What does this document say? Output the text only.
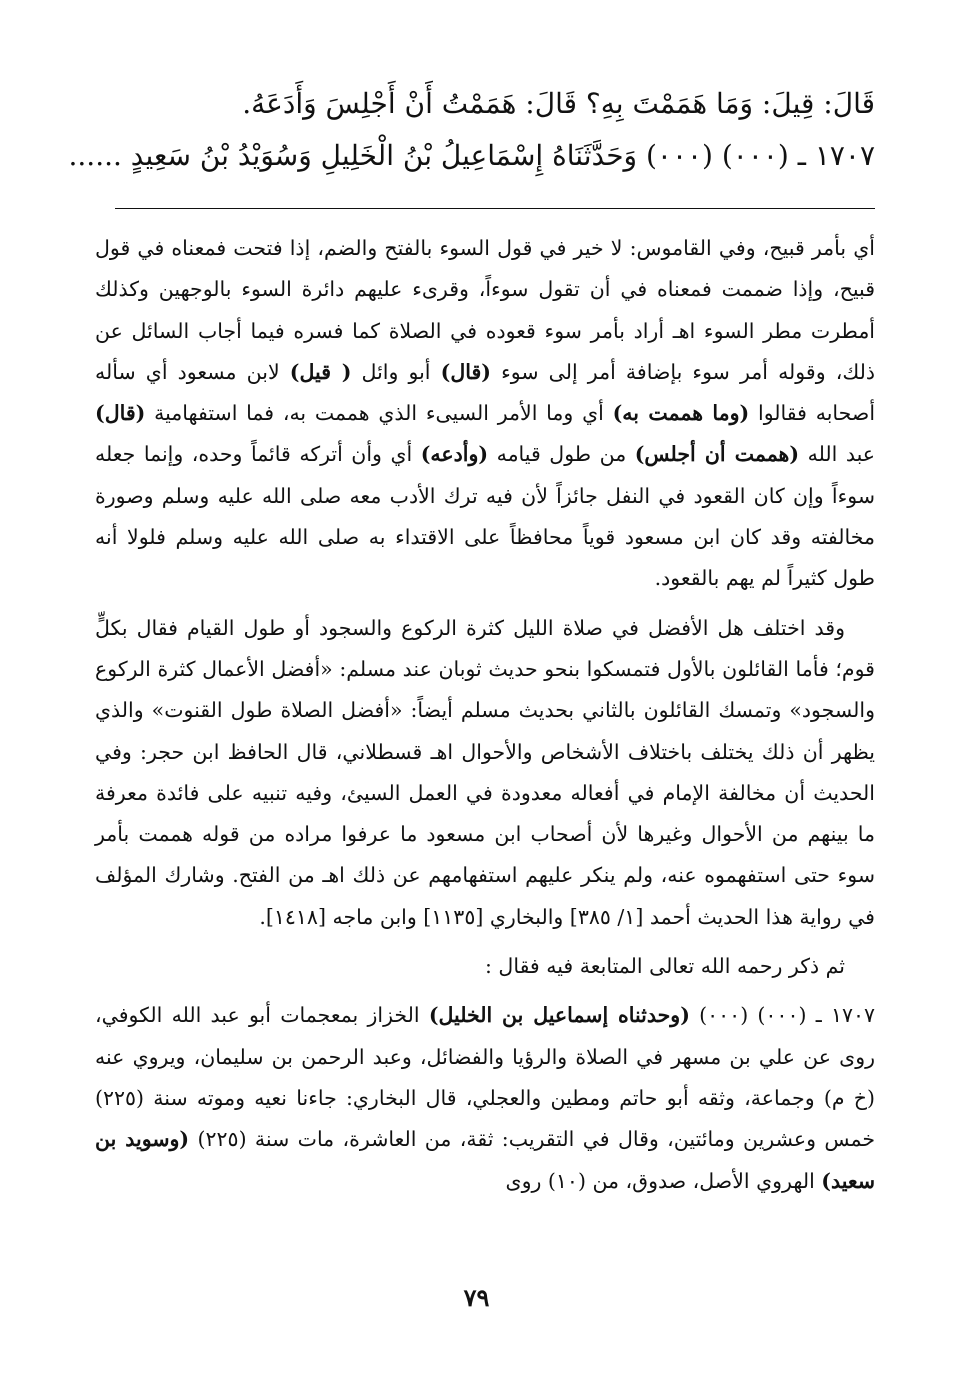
قَالَ: قِيلَ: وَمَا هَمَمْتَ بِهِ؟ قَالَ: هَمَمْتُ أَنْ أَجْلِسَ وَأَدَعَهُ.
١٧٠٧ ـ (٠٠٠) (٠٠٠) وَحَدَّثَنَاهُ إِسْمَاعِيلُ بْنُ الْخَلِيلِ وَسُوَيْدُ بْنُ سَعِيدٍ ......

أي بأمر قبيح، وفي القاموس: لا خير في قول السوء بالفتح والضم، إذا فتحت فمعناه في قول قبيح، وإذا ضممت فمعناه في أن تقول سوءاً، وقرىء عليهم دائرة السوء بالوجهين وكذلك أمطرت مطر السوء اهـ أراد بأمر سوء قعوده في الصلاة كما فسره فيما أجاب السائل عن ذلك، وقوله أمر سوء بإضافة أمر إلى سوء (قال) أبو وائل ( قيل) لابن مسعود أي سأله أصحابه فقالوا (وما هممت به) أي وما الأمر السيىء الذي هممت به، فما استفهامية (قال) عبد الله (هممت أن أجلس) من طول قيامه (وأدعه) أي وأن أتركه قائماً وحده، وإنما جعله سوءاً وإن كان القعود في النفل جائزاً لأن فيه ترك الأدب معه صلى الله عليه وسلم وصورة مخالفته وقد كان ابن مسعود قوياً محافظاً على الاقتداء به صلى الله عليه وسلم فلولا أنه طول كثيراً لم يهم بالقعود.

وقد اختلف هل الأفضل في صلاة الليل كثرة الركوع والسجود أو طول القيام فقال بكلٍّ قوم؛ فأما القائلون بالأول فتمسكوا بنحو حديث ثوبان عند مسلم: «أفضل الأعمال كثرة الركوع والسجود» وتمسك القائلون بالثاني بحديث مسلم أيضاً: «أفضل الصلاة طول القنوت» والذي يظهر أن ذلك يختلف باختلاف الأشخاص والأحوال اهـ قسطلاني، قال الحافظ ابن حجر: وفي الحديث أن مخالفة الإمام في أفعاله معدودة في العمل السيئ، وفيه تنبيه على فائدة معرفة ما بينهم من الأحوال وغيرها لأن أصحاب ابن مسعود ما عرفوا مراده من قوله هممت بأمر سوء حتى استفهموه عنه، ولم ينكر عليهم استفهامهم عن ذلك اهـ من الفتح. وشارك المؤلف في رواية هذا الحديث أحمد [١/ ٣٨٥] والبخاري [١١٣٥] وابن ماجه [١٤١٨].

ثم ذكر رحمه الله تعالى المتابعة فيه فقال :

١٧٠٧ ـ (٠٠٠) (٠٠٠) (وحدثناه إسماعيل بن الخليل) الخزاز بمعجمات أبو عبد الله الكوفي، روى عن علي بن مسهر في الصلاة والرؤيا والفضائل، وعبد الرحمن بن سليمان، ويروي عنه (خ م) وجماعة، وثقه أبو حاتم ومطين والعجلي، قال البخاري: جاءنا نعيه وموته سنة (٢٢٥) خمس وعشرين ومائتين، وقال في التقريب: ثقة، من العاشرة، مات سنة (٢٢٥) (وسويد بن سعيد) الهروي الأصل، صدوق، من (١٠) روى

٧٩
